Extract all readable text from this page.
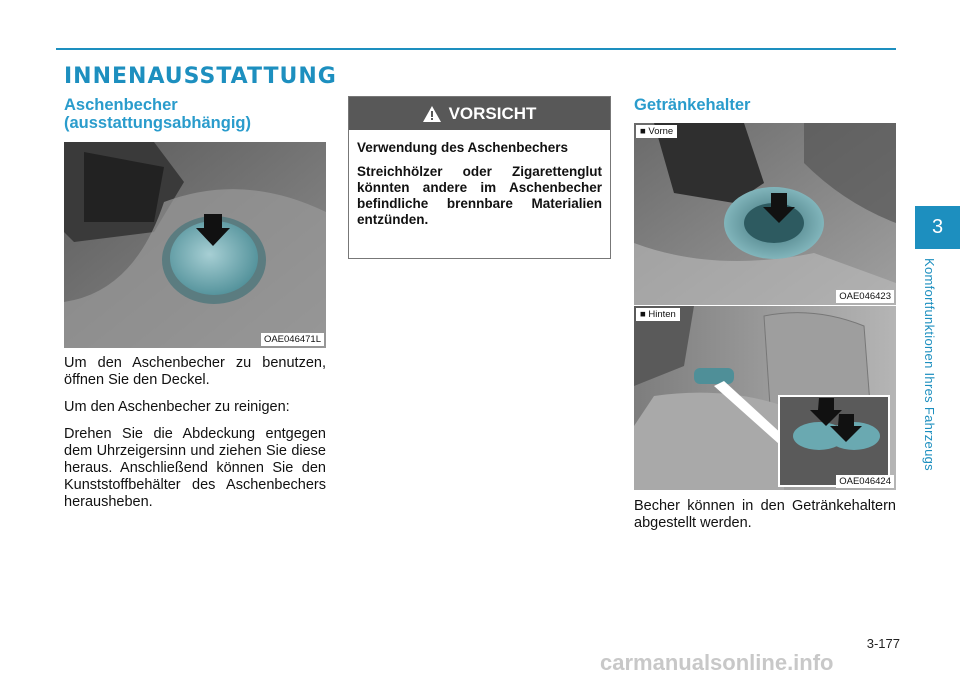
INNENAUSSTATTUNG
Aschenbecher
(ausstattungsabhängig)
OAE046471L

Um den Aschenbecher zu benutzen, öffnen Sie den Deckel.

Um den Aschenbecher zu reinigen:

Drehen Sie die Abdeckung entgegen dem Uhrzeigersinn und ziehen Sie diese heraus. Anschließend können Sie den Kunststoffbehälter des Aschenbechers herausheben.

VORSICHT

Verwendung des Aschenbechers

Streichhölzer oder Zigarettenglut könnten andere im Aschenbecher befindliche brennbare Materialien entzünden.

Getränkehalter
■ Vorne
OAE046423
■ Hinten
OAE046424

Becher können in den Getränkehaltern abgestellt werden.

3
Komfortfunktionen Ihres Fahrzeugs
3-177
carmanualsonline.info
